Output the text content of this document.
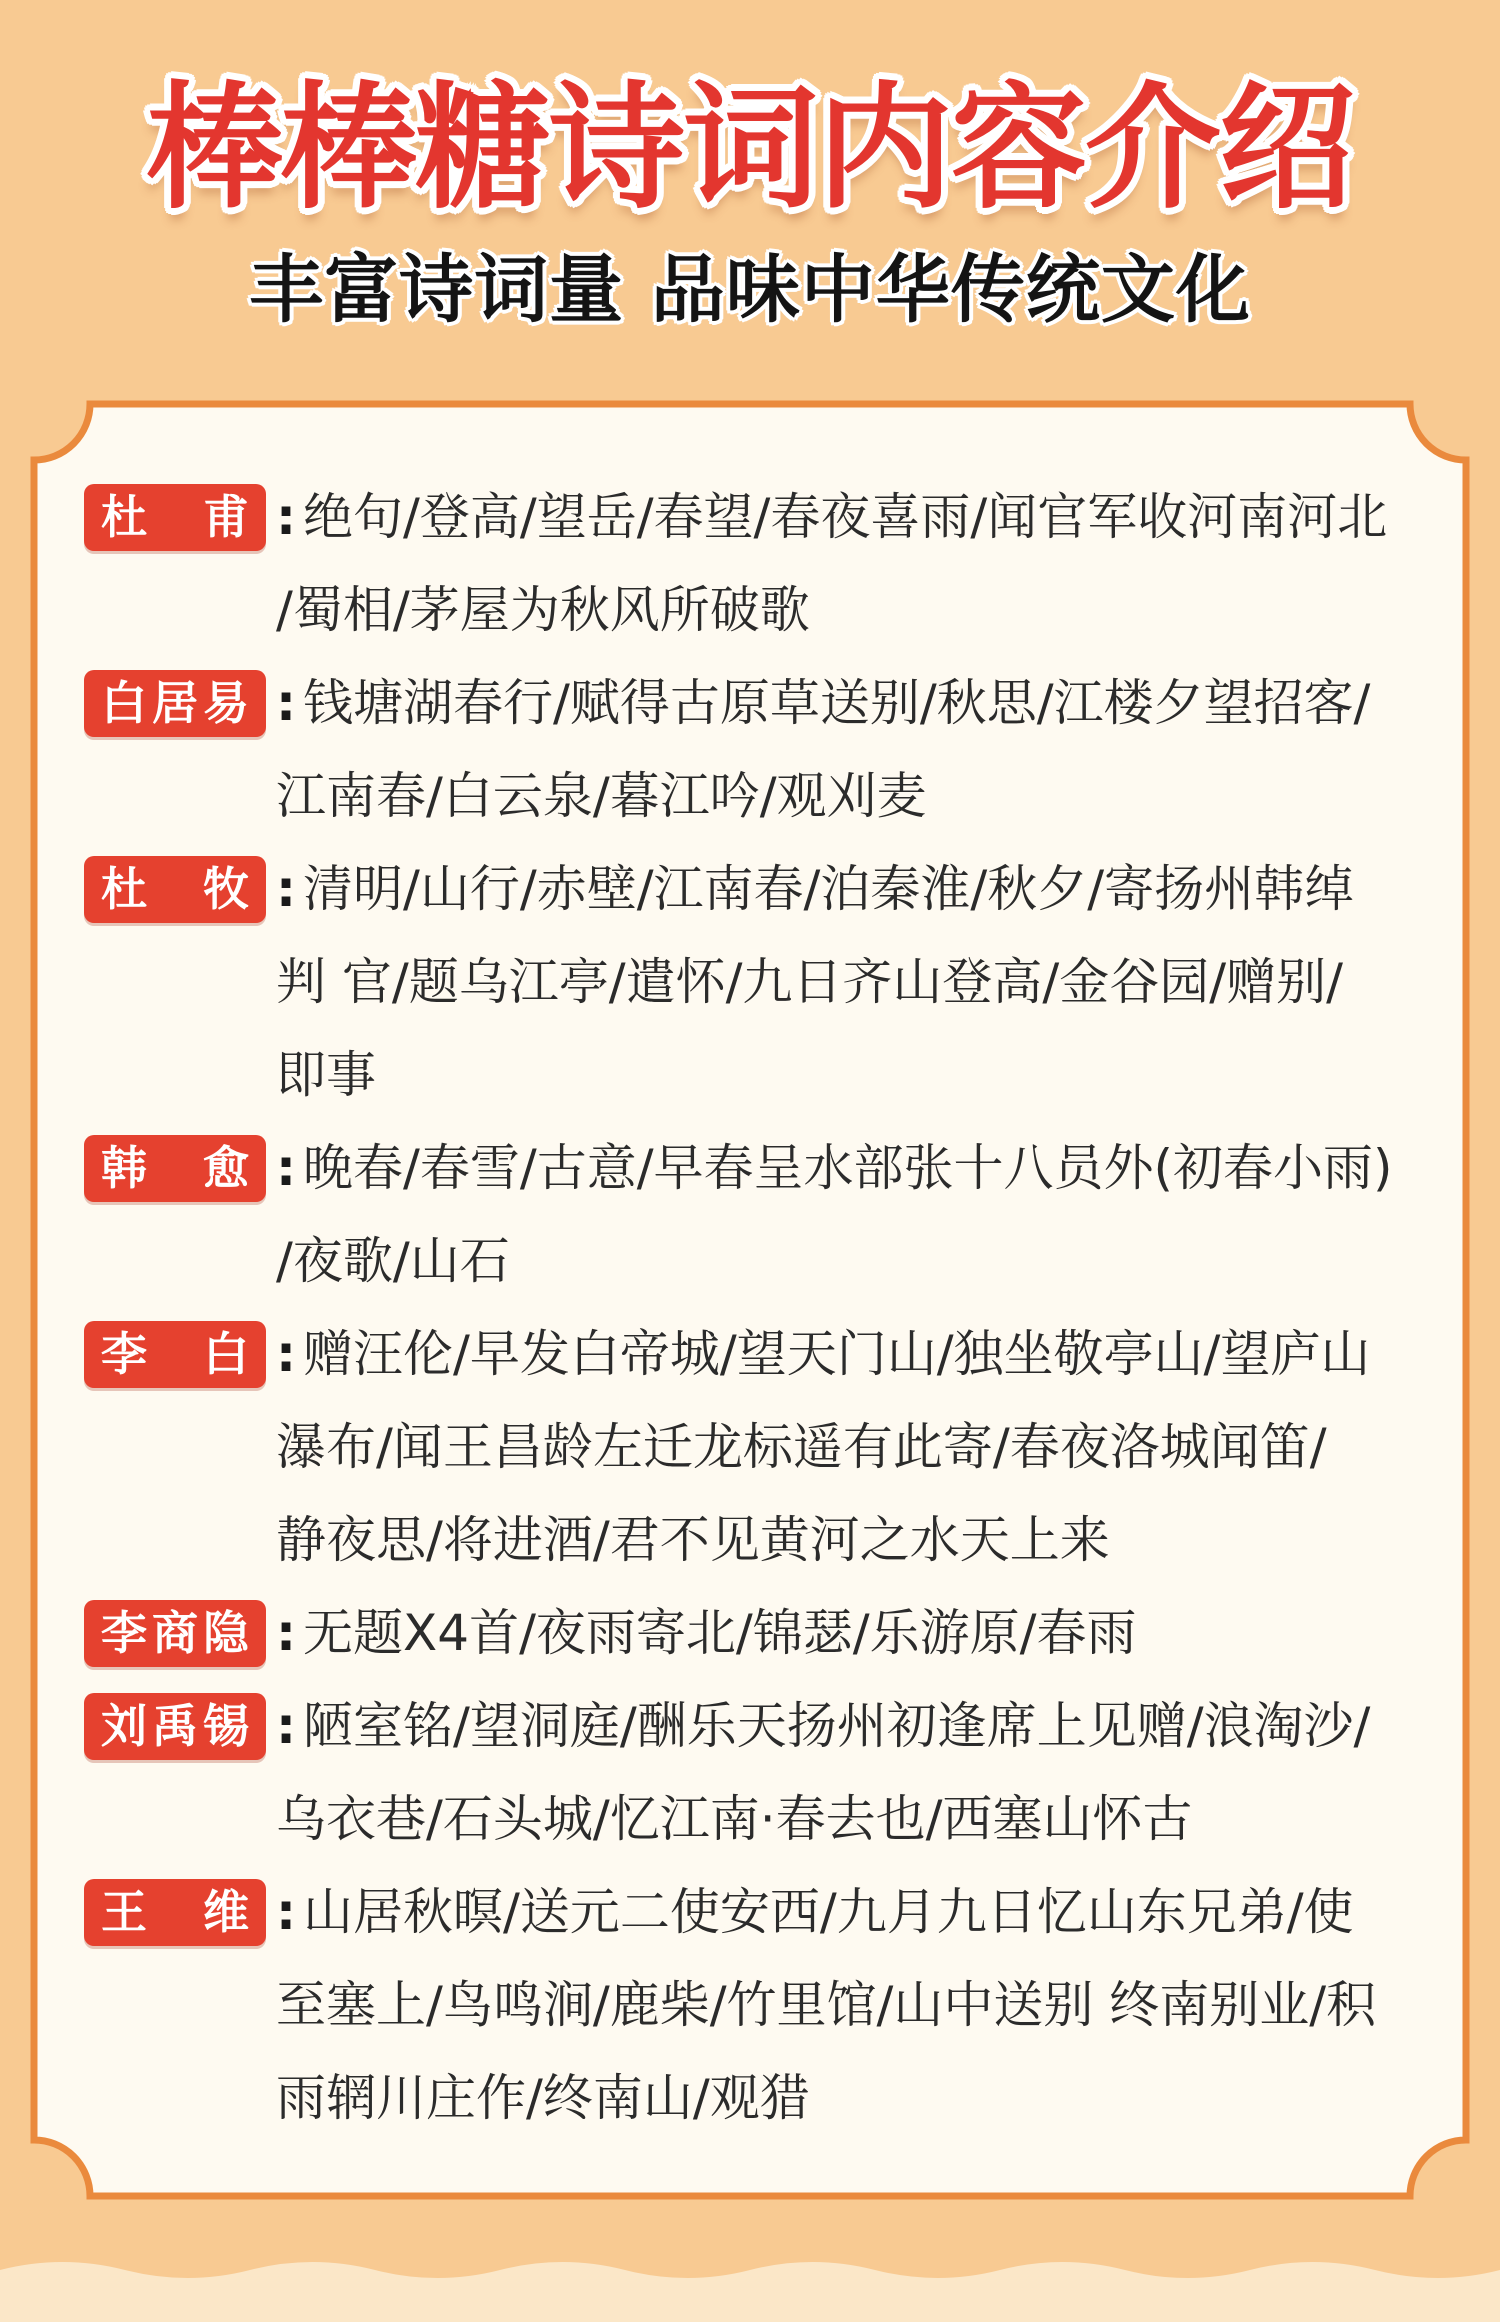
棒棒糖诗词内容介绍
丰富诗词量 品味中华传统文化
杜 甫 : 绝句/登高/望岳/春望/春夜喜雨/闻官军收河南河北
/蜀相/茅屋为秋风所破歌
白居易 : 钱塘湖春行/赋得古原草送别/秋思/江楼夕望招客/
江南春/白云泉/暮江吟/观刈麦
杜 牧 : 清明/山行/赤壁/江南春/泊秦淮/秋夕/寄扬州韩绰
判 官/题乌江亭/遣怀/九日齐山登高/金谷园/赠别/
即事
韩 愈 : 晚春/春雪/古意/早春呈水部张十八员外(初春小雨)
/夜歌/山石
李 白 : 赠汪伦/早发白帝城/望天门山/独坐敬亭山/望庐山
瀑布/闻王昌龄左迁龙标遥有此寄/春夜洛城闻笛/
静夜思/将进酒/君不见黄河之水天上来
李商隐 : 无题X4首/夜雨寄北/锦瑟/乐游原/春雨
刘禹锡 : 陋室铭/望洞庭/酬乐天扬州初逢席上见赠/浪淘沙/
乌衣巷/石头城/忆江南·春去也/西塞山怀古
王 维 : 山居秋暝/送元二使安西/九月九日忆山东兄弟/使
至塞上/鸟鸣涧/鹿柴/竹里馆/山中送别 终南别业/积
雨辋川庄作/终南山/观猎
